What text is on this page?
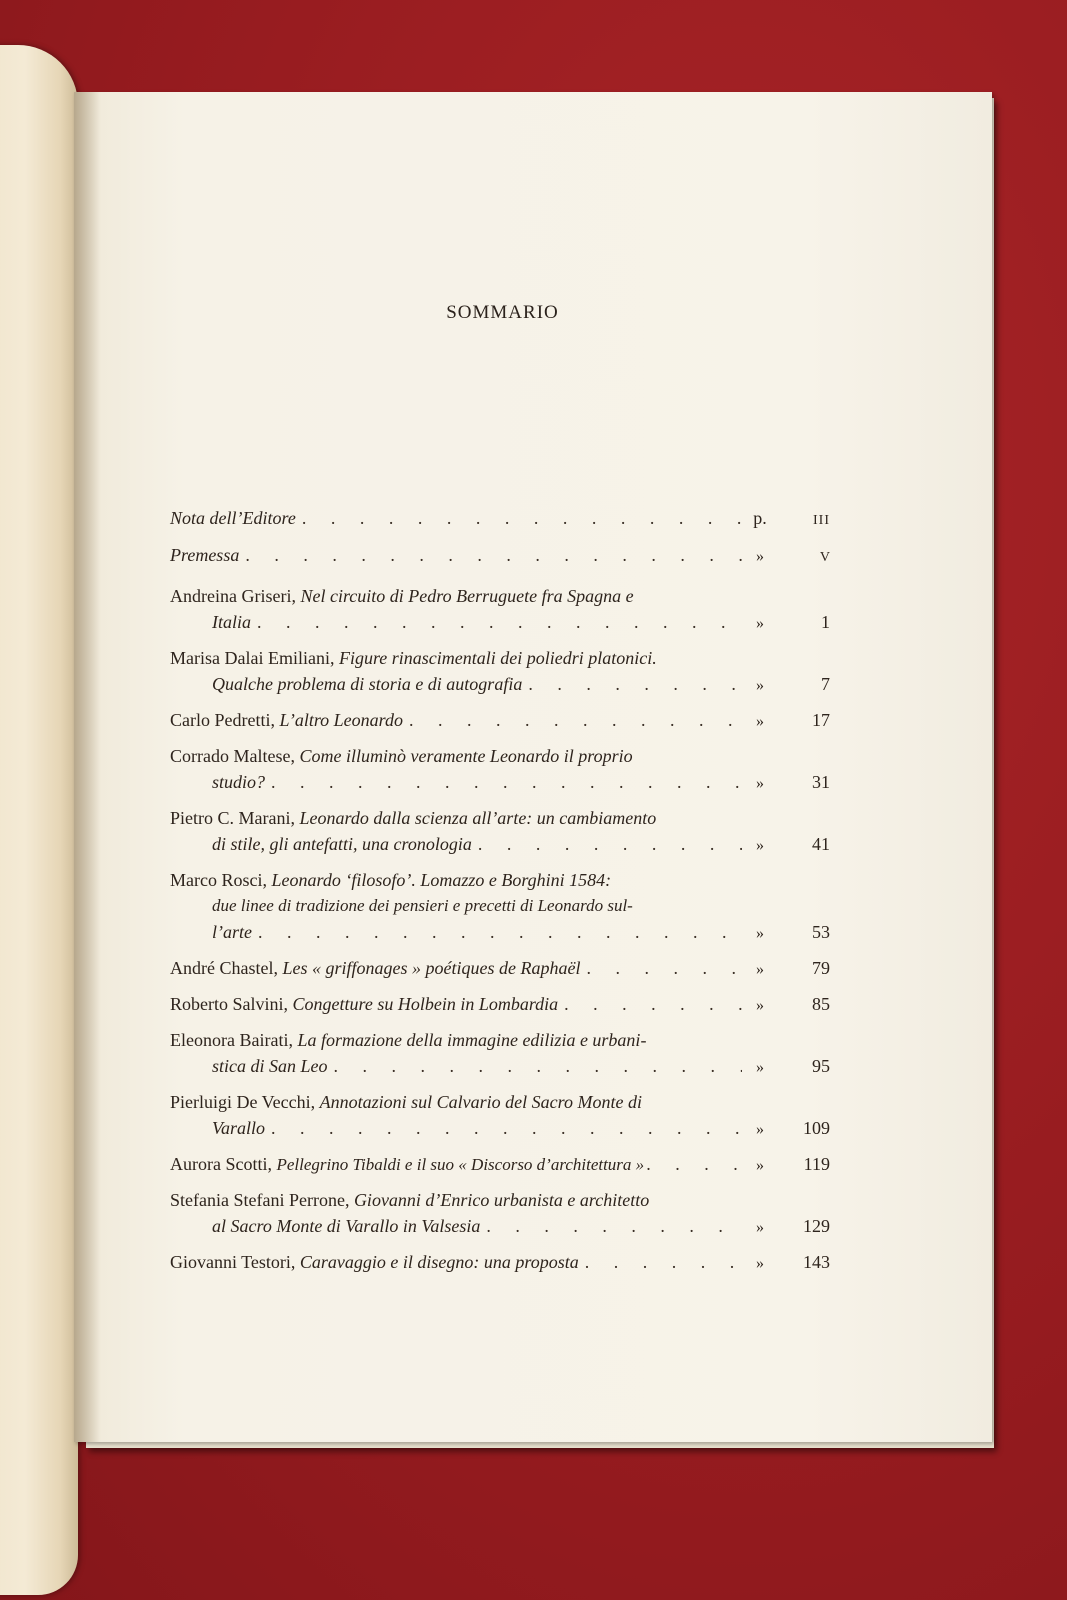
SOMMARIO
Nota dell’Editore . . .	p.	III
Premessa . . .	»	V
Andreina Griseri , Nel circuito di Pedro Berruguete fra Spagna e
Italia . . .	»	1
Marisa Dalai Emiliani , Figure rinascimentali dei poliedri platonici.
Qualche problema di storia e di autografia . . .	»	7
Carlo Pedretti , L’altro Leonardo . . .	»	17
Corrado Maltese , Come illuminò veramente Leonardo il proprio
studio? . . .	»	31
Pietro C. Marani , Leonardo dalla scienza all’arte: un cambiamento
di stile, gli antefatti, una cronologia . . .	»	41
Marco Rosci , Leonardo ‘filosofo’. Lomazzo e Borghini 1584:
due linee di tradizione dei pensieri e precetti di Leonardo sul-
l’arte . . .	»	53
André Chastel , Les « griffonages » poétiques de Raphaël . . .	»	79
Roberto Salvini , Congetture su Holbein in Lombardia . . .	»	85
Eleonora Bairati , La formazione della immagine edilizia e urbani-
stica di San Leo . . .	»	95
Pierluigi De Vecchi , Annotazioni sul Calvario del Sacro Monte di
Varallo . . .	»	109
Aurora Scotti , Pellegrino Tibaldi e il suo « Discorso d’architettura » . . .	»	119
Stefania Stefani Perrone , Giovanni d’Enrico urbanista e architetto
al Sacro Monte di Varallo in Valsesia . . .	»	129
Giovanni Testori , Caravaggio e il disegno: una proposta . . .	»	143
